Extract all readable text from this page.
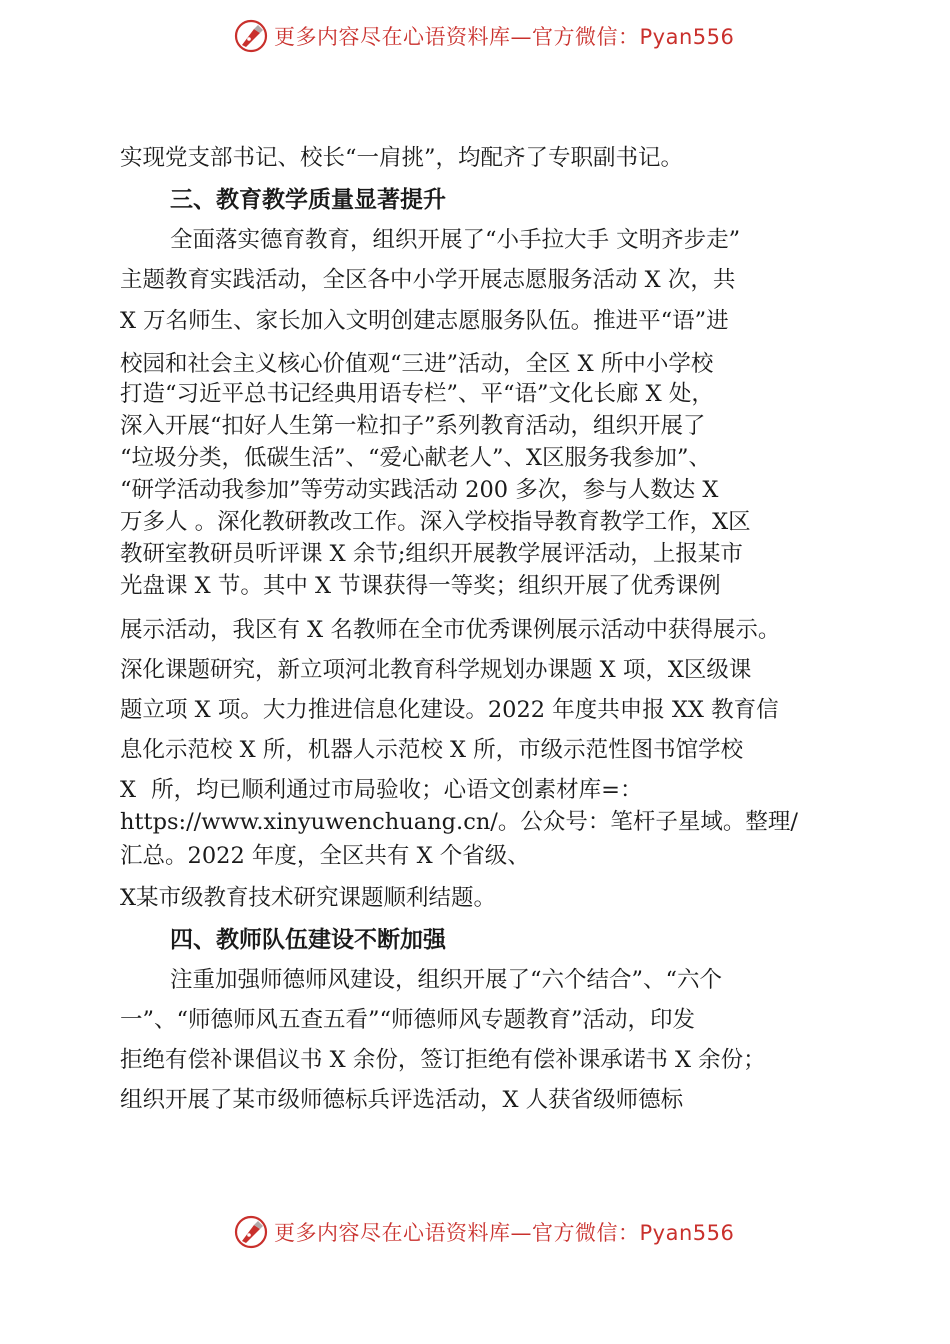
更多内容尽在心语资料库—官方微信：Pyan556
实现党支部书记、校长“一肩挑”，均配齐了专职副书记。
三、教育教学质量显著提升
全面落实德育教育，组织开展了“小手拉大手 文明齐步走”
主题教育实践活动，全区各中小学开展志愿服务活动 X 次，共
X 万名师生、家长加入文明创建志愿服务队伍。推进平“语”进
校园和社会主义核心价值观“三进”活动，全区 X 所中小学校
打造“习近平总书记经典用语专栏”、平“语”文化长廊 X 处，
深入开展“扣好人生第一粒扣子”系列教育活动，组织开展了
“垃圾分类，低碳生活”、“爱心献老人”、X区服务我参加”、
“研学活动我参加”等劳动实践活动 200 多次，参与人数达 X
万多人 。深化教研教改工作。深入学校指导教育教学工作，X区
教研室教研员听评课 X 余节;组织开展教学展评活动，上报某市
光盘课 X 节。其中 X 节课获得一等奖；组织开展了优秀课例
展示活动，我区有 X 名教师在全市优秀课例展示活动中获得展示。
深化课题研究，新立项河北教育科学规划办课题 X 项，X区级课
题立项 X 项。大力推进信息化建设。2022 年度共申报 XX 教育信
息化示范校 X 所，机器人示范校 X 所，市级示范性图书馆学校
X 所，均已顺利通过市局验收；心语文创素材库=：
https://www.xinyuwenchuang.cn/。公众号：笔杆子星域。整理/
汇总。2022 年度，全区共有 X 个省级、
X某市级教育技术研究课题顺利结题。
四、教师队伍建设不断加强
注重加强师德师风建设，组织开展了“六个结合”、“六个
一”、“师德师风五查五看”“师德师风专题教育”活动，印发
拒绝有偿补课倡议书 X 余份，签订拒绝有偿补课承诺书 X 余份；
组织开展了某市级师德标兵评选活动，X 人获省级师德标
更多内容尽在心语资料库—官方微信：Pyan556
